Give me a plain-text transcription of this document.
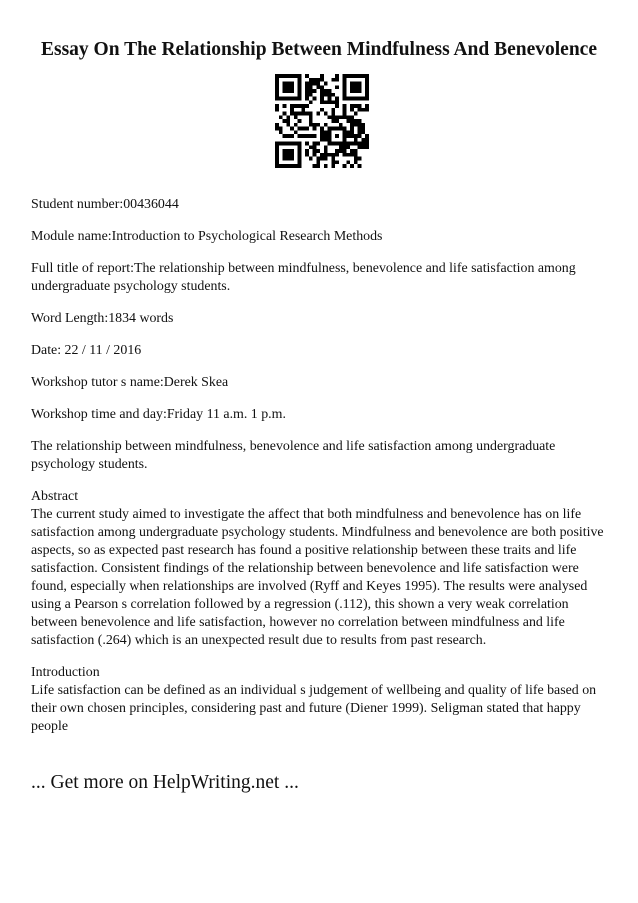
Essay On The Relationship Between Mindfulness And Benevolence

Student number:00436044

Module name:Introduction to Psychological Research Methods

Full title of report:The relationship between mindfulness, benevolence and life satisfaction among undergraduate psychology students.

Word Length:1834 words

Date: 22 / 11 / 2016

Workshop tutor s name:Derek Skea

Workshop time and day:Friday 11 a.m. 1 p.m.

The relationship between mindfulness, benevolence and life satisfaction among undergraduate psychology students.

Abstract
The current study aimed to investigate the affect that both mindfulness and benevolence has on life satisfaction among undergraduate psychology students. Mindfulness and benevolence are both positive aspects, so as expected past research has found a positive relationship between these traits and life satisfaction. Consistent findings of the relationship between benevolence and life satisfaction were found, especially when relationships are involved (Ryff and Keyes 1995). The results were analysed using a Pearson s correlation followed by a regression (.112), this shown a very weak correlation between benevolence and life satisfaction, however no correlation between mindfulness and life satisfaction (.264) which is an unexpected result due to results from past research.
Introduction
Life satisfaction can be defined as an individual s judgement of wellbeing and quality of life based on their own chosen principles, considering past and future (Diener 1999). Seligman stated that happy people
... Get more on HelpWriting.net ...
